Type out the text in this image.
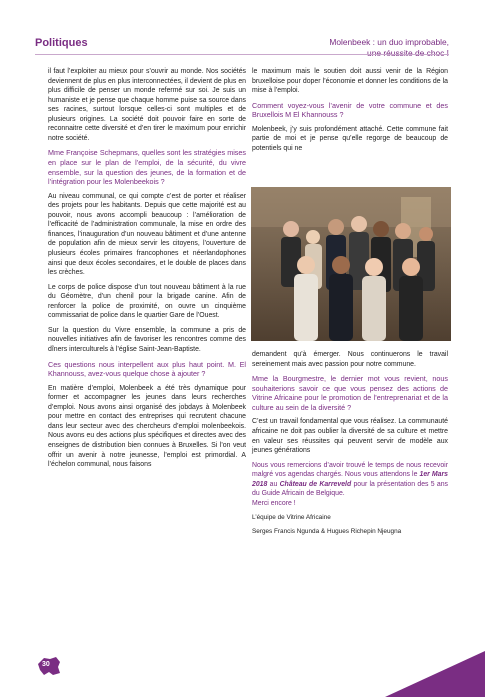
Politiques	Molenbeek : un duo improbable,
une réussite de choc !

il faut l’exploiter au mieux pour s’ouvrir au monde. Nos sociétés deviennent de plus en plus interconnectées, il devient de plus en plus difficile de penser un monde refermé sur soi. Je suis un humaniste et je pense que chaque homme puise sa source dans ses racines, surtout lorsque celles-ci sont multiples et de plusieurs origines. La société doit pouvoir faire en sorte de reconnaitre cette diversité et d’en tirer le maximum pour enrichir notre société.

Mme Françoise Schepmans, quelles sont les stratégies mises en place sur le plan de l’emploi, de la sécurité, du vivre ensemble, sur la question des jeunes, de la formation et de l’intégration pour les Molenbeekois ?

Au niveau communal, ce qui compte c’est de porter et réaliser des projets pour les habitants. Depuis que cette majorité est au pouvoir, nous avons accompli beaucoup : l’amélioration de l’efficacité de l’administration communale, la mise en ordre des finances, l’inauguration d’un nouveau bâtiment et d’une antenne de population afin de mieux servir les citoyens, l’ouverture de plusieurs écoles primaires francophones et néerlandophones ainsi que deux écoles secondaires, et le double de places dans les crèches.

Le corps de police dispose d’un tout nouveau bâtiment à la rue du Géomètre, d’un chenil pour la brigade canine. Afin de renforcer la police de proximité, on ouvre un cinquième commissariat de police dans le quartier Gare de l’Ouest.

Sur la question du Vivre ensemble, la commune a pris de nouvelles initiatives afin de favoriser les rencontres comme des dîners interculturels à l’église Saint-Jean-Baptiste.

Ces questions nous interpellent aux plus haut point. M. El Khannouss, avez-vous quelque chose à ajouter ?

En matière d’emploi, Molenbeek a été très dynamique pour former et accompagner les jeunes dans leurs recherches d’emploi. Nous avons ainsi organisé des jobdays à Molenbeek pour mettre en contact des entreprises qui recrutent chacune dans leur secteur avec des chercheurs d’emploi molenbeekois. Nous avons eu des actions plus spécifiques et directes avec des enseignes de distribution bien connues à Bruxelles. Si l’on veut offrir un avenir à notre jeunesse, l’emploi est primordial. A l’échelon communal, nous faisons

le maximum mais le soutien doit aussi venir de la Région bruxelloise pour doper l’économie et donner les conditions de la mise à l’emploi.

Comment voyez-vous l’avenir de votre commune et des Bruxellois M El Khannouss ?

Molenbeek, j’y suis profondément attaché. Cette commune fait partie de moi et je pense qu’elle regorge de beaucoup de potentiels qui ne

demandent qu’à émerger. Nous continuerons le travail sereinement mais avec passion pour notre commune.

Mme la Bourgmestre, le dernier mot vous revient, nous souhaiterions savoir ce que vous pensez des actions de Vitrine Africaine pour le promotion de l’entreprenariat et de la culture au sein de la diversité ?

C’est un travail fondamental que vous réalisez. La communauté africaine ne doit pas oublier la diversité de sa culture et mettre en valeur ses réussites qui peuvent servir de modèle aux jeunes générations

Nous vous remercions d’avoir trouvé le temps de nous recevoir malgré vos agendas chargés. Nous vous attendons le 1er Mars 2018 au Château de Karreveld pour la présentation des 5 ans du Guide Africain de Belgique.

Merci encore !

L’équipe de Vitrine Africaine

Serges Francis Ngunda & Hugues Richepin Njeugna

30
